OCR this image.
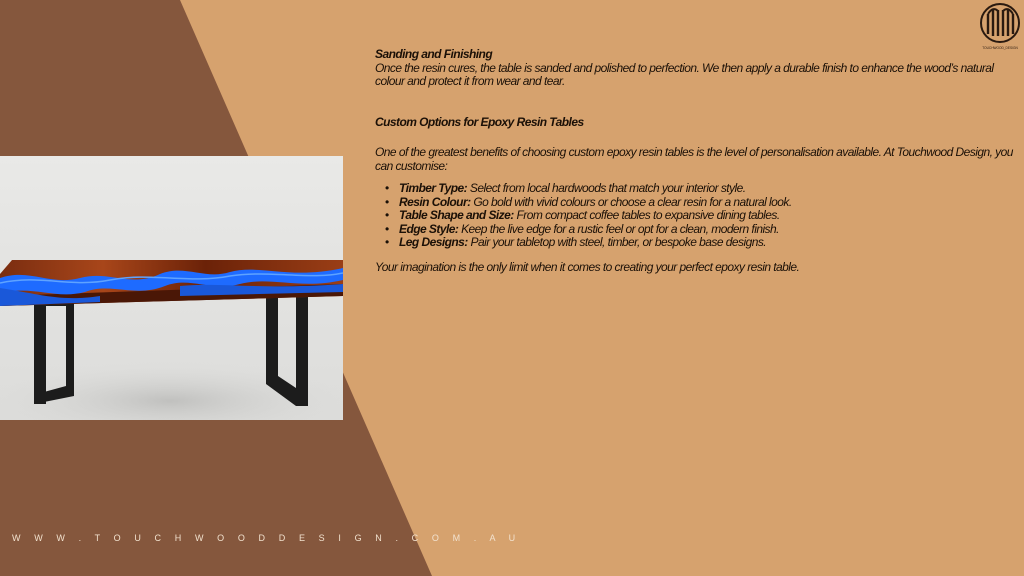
TOUCHWOOD_DESIGN
W W W . T O U C H W O O D D E S I G N . C O M . A U

Sanding and Finishing

Once the resin cures, the table is sanded and polished to perfection. We then apply a durable finish to enhance the wood’s natural colour and protect it from wear and tear.

Custom Options for Epoxy Resin Tables

One of the greatest benefits of choosing custom epoxy resin tables is the level of personalisation available. At Touchwood Design, you can customise:

• Timber Type: Select from local hardwoods that match your interior style.
• Resin Colour: Go bold with vivid colours or choose a clear resin for a natural look.
• Table Shape and Size: From compact coffee tables to expansive dining tables.
• Edge Style: Keep the live edge for a rustic feel or opt for a clean, modern finish.
• Leg Designs: Pair your tabletop with steel, timber, or bespoke base designs.

Your imagination is the only limit when it comes to creating your perfect epoxy resin table.
